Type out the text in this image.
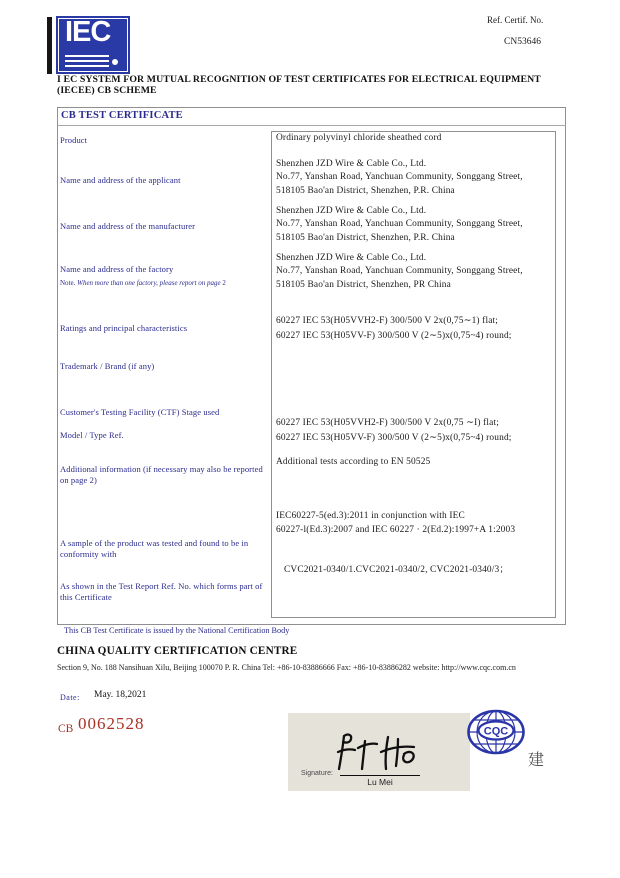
IEC	Ref. Certif. No.
CN53646
I EC SYSTEM FOR MUTUAL RECOGNITION OF TEST CERTIFICATES FOR ELECTRICAL EQUIPMENT
(IECEE) CB SCHEME
CB TEST CERTIFICATE
Product
Name and address of the applicant
Name and address of the manufacturer
Name and address of the factory
Note. When more than one factory, please report on page 2
Ratings and principal characteristics
Trademark / Brand (if any)
Customer's Testing Facility (CTF) Stage used
Model / Type Ref.
Additional information (if necessary may also be reported
on page 2)
A sample of the product was tested and found to be in
conformity with
As shown in the Test Report Ref. No. which forms part of
this Certificate
Ordinary polyvinyl chloride sheathed cord
Shenzhen JZD Wire & Cable Co., Ltd.
No.77, Yanshan Road, Yanchuan Community, Songgang Street,
518105 Bao'an District, Shenzhen, P.R. China
Shenzhen JZD Wire & Cable Co., Ltd.
No.77, Yanshan Road, Yanchuan Community, Songgang Street,
518105 Bao'an District, Shenzhen, P.R. China
Shenzhen JZD Wire & Cable Co., Ltd.
No.77, Yanshan Road, Yanchuan Community, Songgang Street,
518105 Bao'an District, Shenzhen, PR China
60227 IEC 53(H05VVH2-F) 300/500 V 2x(0,75∼1) flat;
60227 IEC 53(H05VV-F) 300/500 V (2∼5)x(0,75~4) round;
60227 IEC 53(H05VVH2-F) 300/500 V 2x(0,75 ∼I) flat;
60227 IEC 53(H05VV-F) 300/500 V (2∼5)x(0,75~4) round;
Additional tests according to EN 50525
IEC60227-5(ed.3):2011 in conjunction with IEC
60227-l(Ed.3):2007 and IEC 60227 · 2(Ed.2):1997+A 1:2003
CVC2021-0340/1.CVC2021-0340/2, CVC2021-0340/3；
This CB Test Certificate is issued by the National Certification Body
CHINA QUALITY CERTIFICATION CENTRE
Section 9, No. 188 Nansihuan Xilu, Beijing 100070 P. R. China Tel: +86-10-83886666 Fax: +86-10-83886282 website: http://www.cqc.com.cn
Date: May. 18,2021
CB 0062528
Signature:
Lu Mei
CQC
建
